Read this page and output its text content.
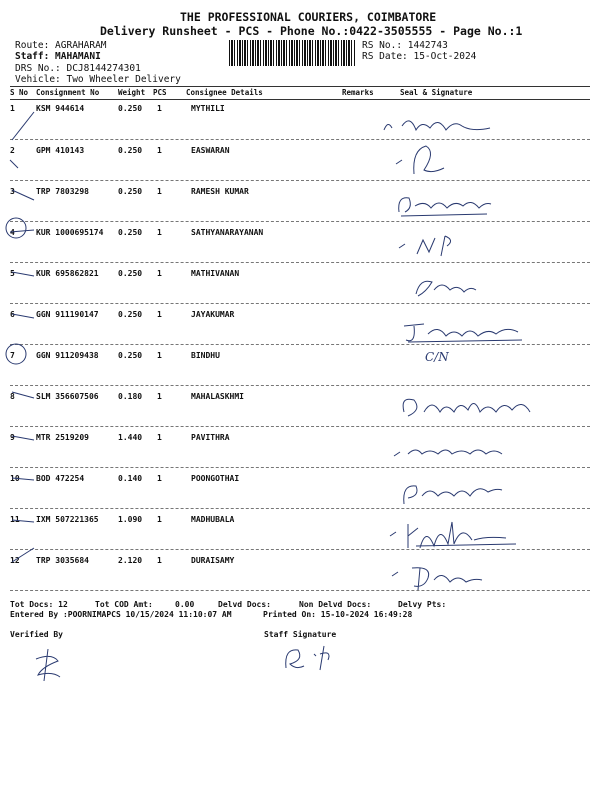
THE PROFESSIONAL COURIERS, COIMBATORE
Delivery Runsheet - PCS - Phone No.:0422-3505555 - Page No.:1
Route: AGRAHARAM
Staff: MAHAMANI
DRS No.: DCJ8144274301
Vehicle: Two Wheeler Delivery
RS No.: 1442743
RS Date: 15-Oct-2024
S No Consignment No	Weight PCS	Consignee Details	Remarks	Seal & Signature
1	KSM 944614	0.250 1	MYTHILI
2	GPM 410143	0.250 1	EASWARAN
3	TRP 7803298	0.250 1	RAMESH KUMAR
4	KUR 1000695174 0.250 1	SATHYANARAYANAN
5	KUR 695862821 0.250 1	MATHIVANAN
6	GGN 911190147 0.250 1	JAYAKUMAR
7	GGN 911209438 0.250 1	BINDHU
8	SLM 356607506 0.180 1	MAHALASKHMI
9	MTR 2519209	1.440 1	PAVITHRA
10 BOD 472254	0.140 1	POONGOTHAI
11 IXM 507221365 1.090 1	MADHUBALA
12 TRP 3035684	2.120 1	DURAISAMY
C/N
Tot Docs: 12	Tot COD Amt:	0.00	Delvd Docs:	Non Delvd Docs:	Delvy Pts:
Entered By :POORNIMAPCS 10/15/2024 11:10:07 AM	Printed On: 15-10-2024 16:49:28
Verified By	Staff Signature
